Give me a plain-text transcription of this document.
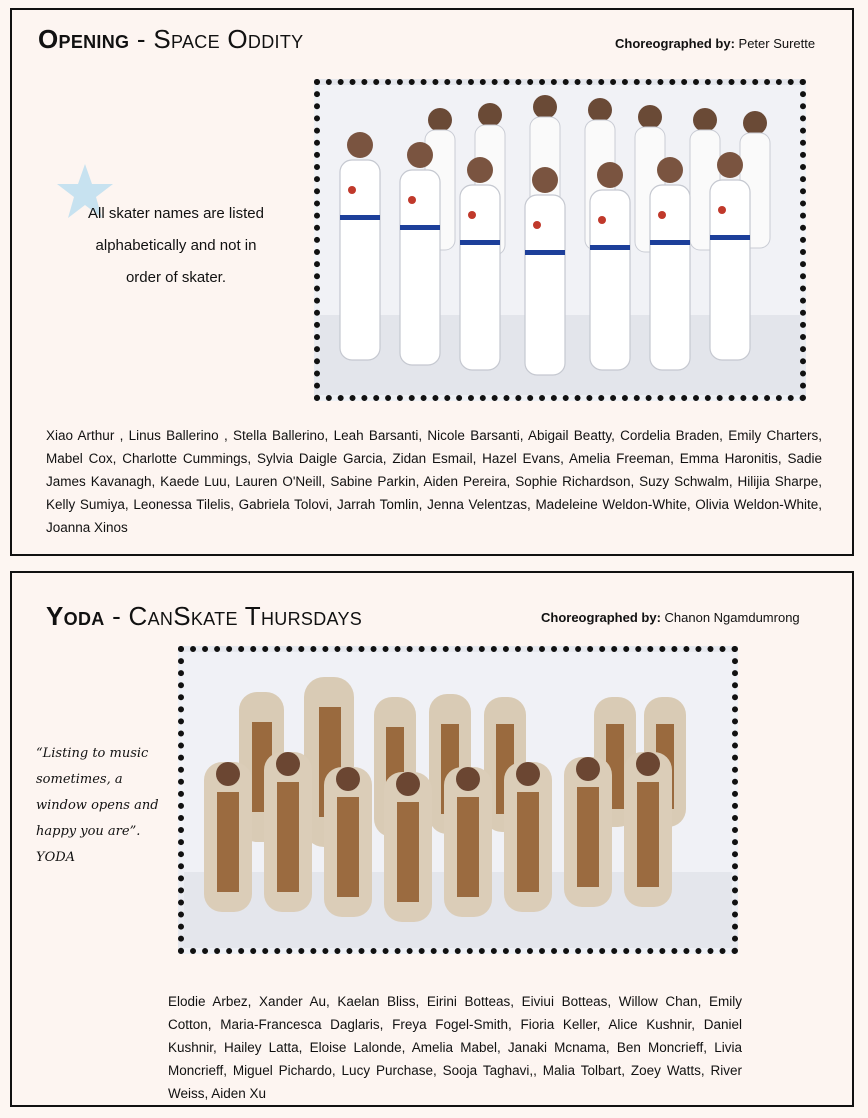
Opening - Space Oddity	Choreographed by: Peter Surette
All skater names are listed alphabetically and not in order of skater.
Xiao Arthur , Linus Ballerino , Stella Ballerino, Leah Barsanti, Nicole Barsanti, Abigail Beatty, Cordelia Braden, Emily Charters, Mabel Cox, Charlotte Cummings, Sylvia Daigle Garcia, Zidan Esmail, Hazel Evans, Amelia Freeman, Emma Haronitis, Sadie James Kavanagh, Kaede Luu, Lauren O'Neill, Sabine Parkin, Aiden Pereira, Sophie Richardson, Suzy Schwalm, Hilijia Sharpe, Kelly Sumiya, Leonessa Tilelis, Gabriela Tolovi, Jarrah Tomlin, Jenna Velentzas, Madeleine Weldon-White, Olivia Weldon-White, Joanna Xinos
Yoda - CanSkate Thursdays	Choreographed by: Chanon Ngamdumrong
“Listing to music sometimes, a window opens and happy you are”. YODA
Elodie Arbez, Xander Au, Kaelan Bliss, Eirini Botteas, Eiviui Botteas, Willow Chan, Emily Cotton, Maria-Francesca Daglaris, Freya Fogel-Smith, Fioria Keller, Alice Kushnir, Daniel Kushnir, Hailey Latta, Eloise Lalonde, Amelia Mabel, Janaki Mcnama, Ben Moncrieff, Livia Moncrieff, Miguel Pichardo, Lucy Purchase, Sooja Taghavi,, Malia Tolbart, Zoey Watts, River Weiss, Aiden Xu
